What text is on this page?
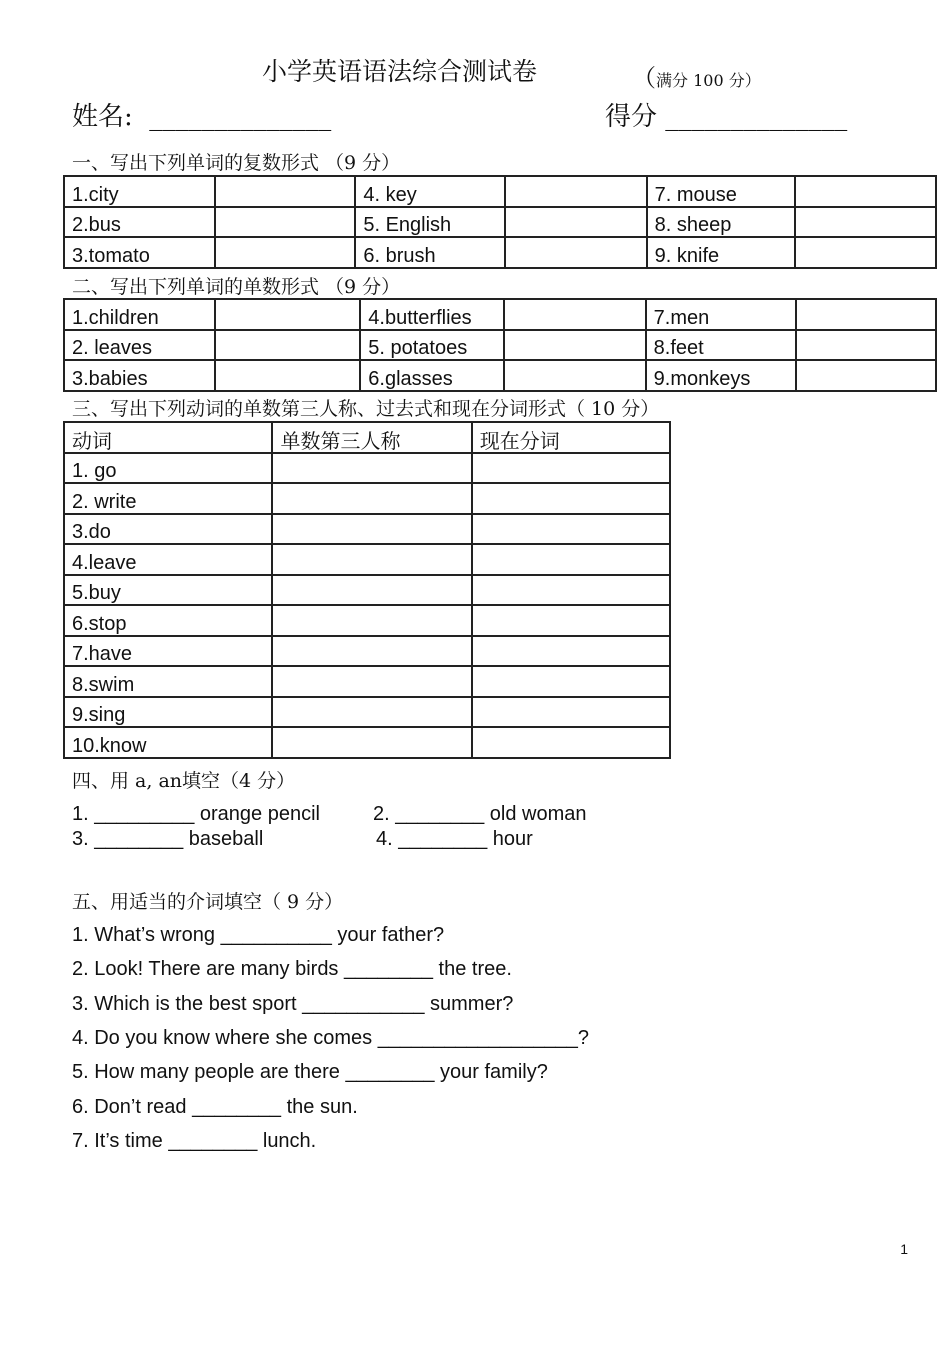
小学英语语法综合测试卷	（满分 100 分）
姓名: ______________	得分 ______________
一、写出下列单词的复数形式 （9 分）
1.city		4. key		7. mouse	
2.bus		5. English		8. sheep	
3.tomato		6. brush		9. knife	
二、写出下列单词的单数形式 （9 分）
1.children		4.butterflies		7.men	
2. leaves		5. potatoes		8.feet	
3.babies		6.glasses		9.monkeys	
三、写出下列动词的单数第三人称、过去式和现在分词形式（ 10 分）
动词	单数第三人称	现在分词
1. go		
2. write		
3.do		
4.leave		
5.buy		
6.stop		
7.have		
8.swim		
9.sing		
10.know		
四、用 a, an填空（4 分）
1. _________ orange pencil	2. ________ old woman
3. ________ baseball	4. ________ hour
五、用适当的介词填空（ 9 分）
1. What’s wrong __________ your father?
2. Look! There are many birds ________ the tree.
3. Which is the best sport ___________ summer?
4. Do you know where she comes __________________?
5. How many people are there ________ your family?
6. Don’t read ________ the sun.
7. It’s time ________ lunch.
1
